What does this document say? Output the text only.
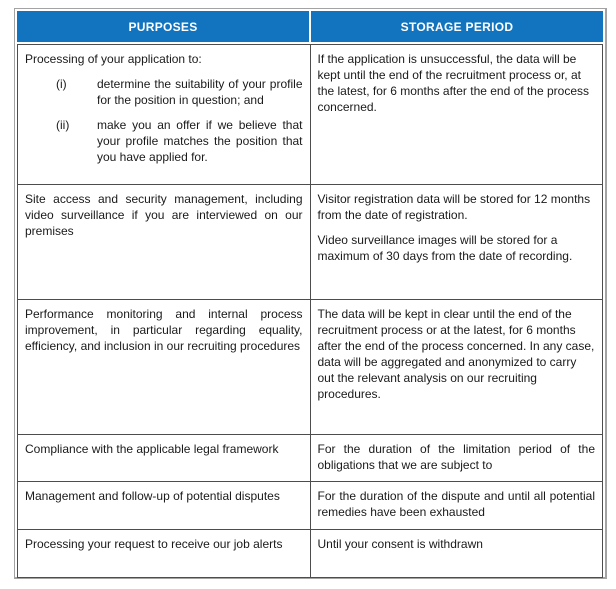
PURPOSES	STORAGE PERIOD

Processing of your application to:

(i) determine the suitability of your profile for the position in question; and
(ii) make you an offer if we believe that your profile matches the position that you have applied for.	If the application is unsuccessful, the data will be kept until the end of the recruitment process or, at the latest, for 6 months after the end of the process concerned.

Site access and security management, including video surveillance if you are interviewed on our premises	Visitor registration data will be stored for 12 months from the date of registration.

Video surveillance images will be stored for a maximum of 30 days from the date of recording.

Performance monitoring and internal process improvement, in particular regarding equality, efficiency, and inclusion in our recruiting procedures	The data will be kept in clear until the end of the recruitment process or at the latest, for 6 months after the end of the process concerned. In any case, data will be aggregated and anonymized to carry out the relevant analysis on our recruiting procedures.

Compliance with the applicable legal framework	For the duration of the limitation period of the obligations that we are subject to

Management and follow-up of potential disputes	For the duration of the dispute and until all potential remedies have been exhausted

Processing your request to receive our job alerts	Until your consent is withdrawn
